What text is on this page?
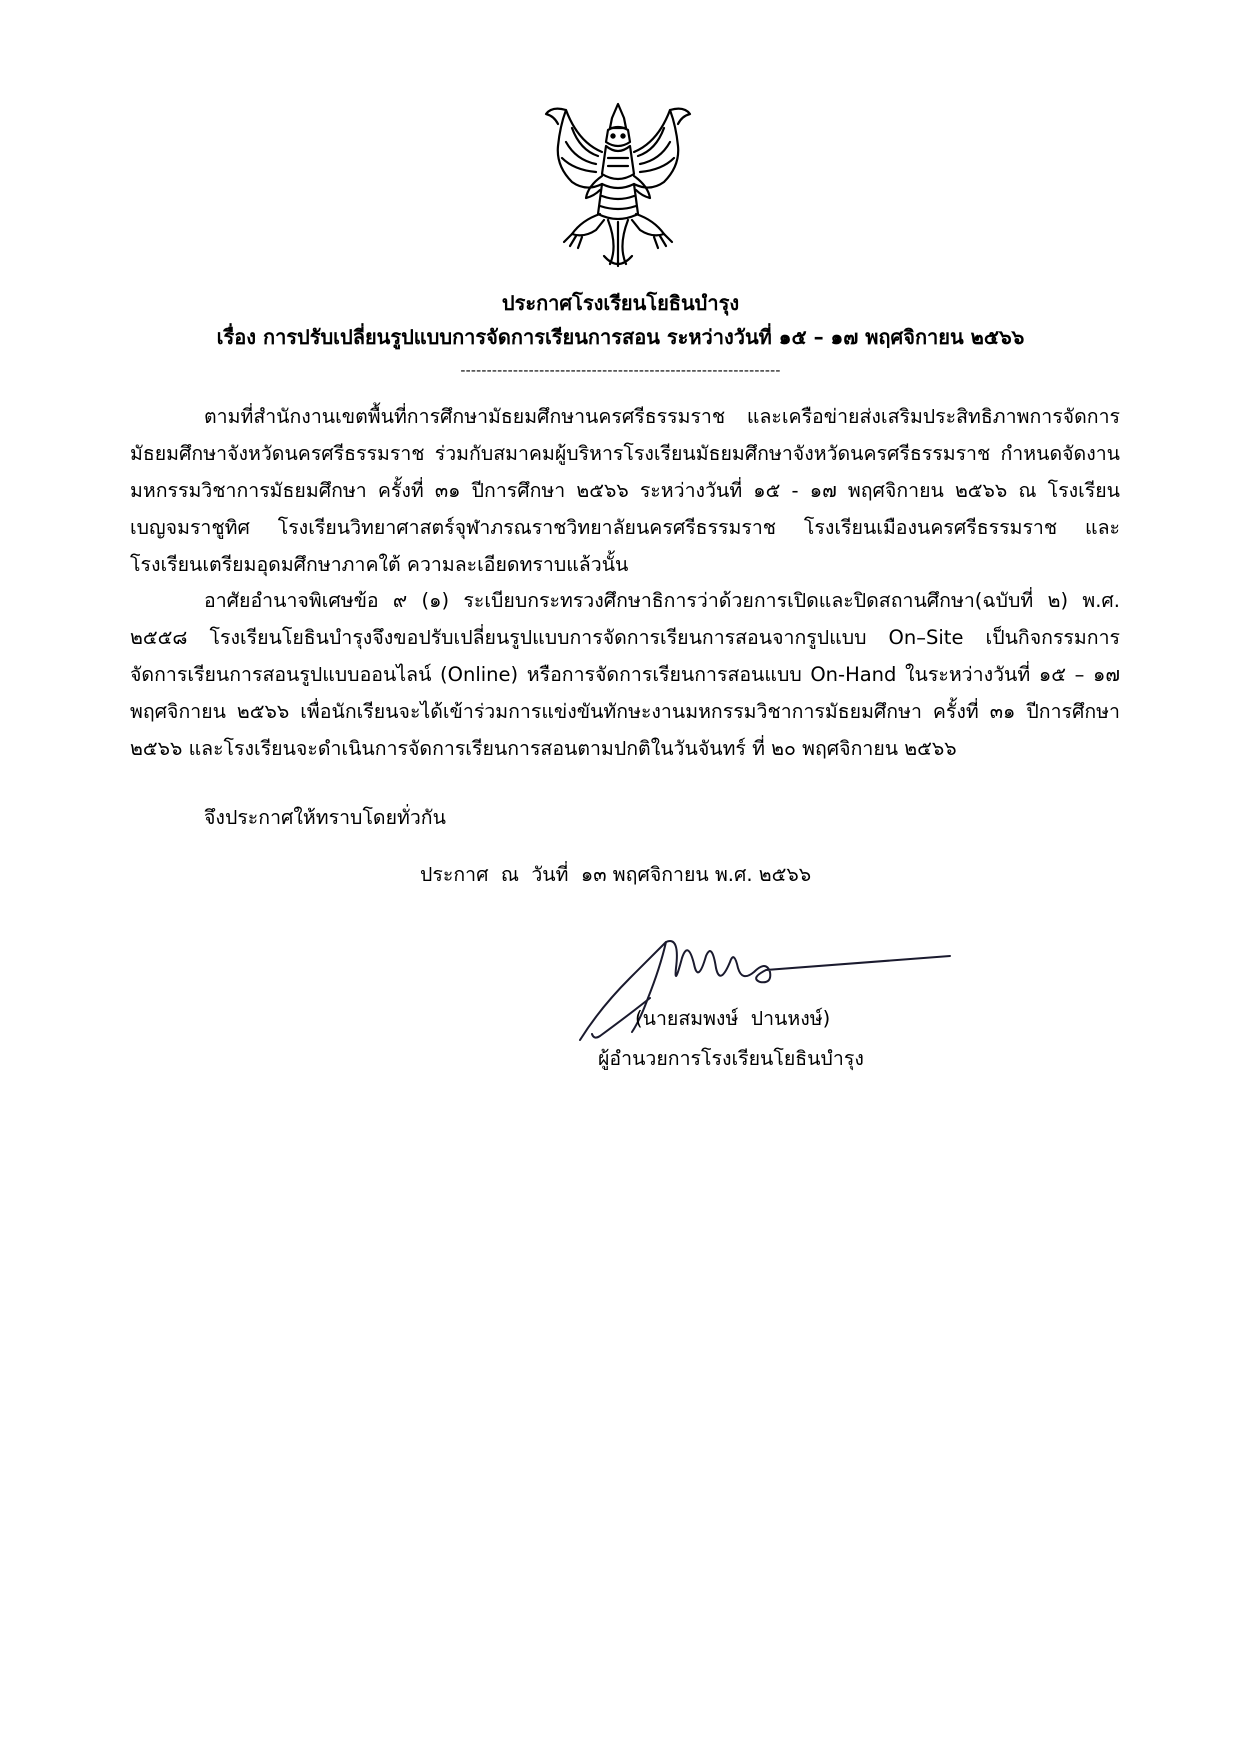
ประกาศโรงเรียนโยธินบำรุง
เรื่อง การปรับเปลี่ยนรูปแบบการจัดการเรียนการสอน ระหว่างวันที่ ๑๕ – ๑๗ พฤศจิกายน ๒๕๖๖
-------------------------------------------------------------
ตามที่สำนักงานเขตพื้นที่การศึกษามัธยมศึกษานครศรีธรรมราช และเครือข่ายส่งเสริมประสิทธิภาพการจัดการมัธยมศึกษาจังหวัดนครศรีธรรมราช ร่วมกับสมาคมผู้บริหารโรงเรียนมัธยมศึกษาจังหวัดนครศรีธรรมราช กำหนดจัดงานมหกรรมวิชาการมัธยมศึกษา ครั้งที่ ๓๑ ปีการศึกษา ๒๕๖๖ ระหว่างวันที่ ๑๕ - ๑๗ พฤศจิกายน ๒๕๖๖ ณ โรงเรียนเบญจมราชูทิศ โรงเรียนวิทยาศาสตร์จุฬาภรณราชวิทยาลัยนครศรีธรรมราช โรงเรียนเมืองนครศรีธรรมราช และโรงเรียนเตรียมอุดมศึกษาภาคใต้ ความละเอียดทราบแล้วนั้น
อาศัยอำนาจพิเศษข้อ ๙ (๑) ระเบียบกระทรวงศึกษาธิการว่าด้วยการเปิดและปิดสถานศึกษา(ฉบับที่ ๒) พ.ศ. ๒๕๕๘ โรงเรียนโยธินบำรุงจึงขอปรับเปลี่ยนรูปแบบการจัดการเรียนการสอนจากรูปแบบ On–Site เป็นกิจกรรมการจัดการเรียนการสอนรูปแบบออนไลน์ (Online) หรือการจัดการเรียนการสอนแบบ On-Hand ในระหว่างวันที่ ๑๕ – ๑๗ พฤศจิกายน ๒๕๖๖ เพื่อนักเรียนจะได้เข้าร่วมการแข่งขันทักษะงานมหกรรมวิชาการมัธยมศึกษา ครั้งที่ ๓๑ ปีการศึกษา ๒๕๖๖ และโรงเรียนจะดำเนินการจัดการเรียนการสอนตามปกติในวันจันทร์ ที่ ๒๐ พฤศจิกายน ๒๕๖๖
จึงประกาศให้ทราบโดยทั่วกัน
ประกาศ  ณ  วันที่  ๑๓ พฤศจิกายน พ.ศ. ๒๕๖๖
(นายสมพงษ์  ปานหงษ์)
ผู้อำนวยการโรงเรียนโยธินบำรุง
